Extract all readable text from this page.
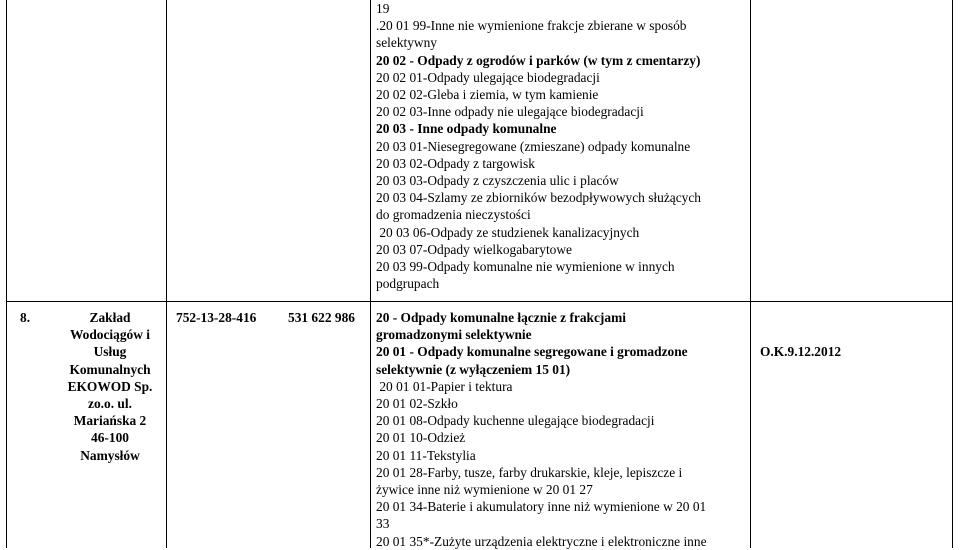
19
.20 01 99-Inne nie wymienione frakcje zbierane w sposób
selektywny
20 02 - Odpady z ogrodów i parków (w tym z cmentarzy)
20 02 01-Odpady ulegające biodegradacji
20 02 02-Gleba i ziemia, w tym kamienie
20 02 03-Inne odpady nie ulegające biodegradacji
20 03 - Inne odpady komunalne
20 03 01-Niesegregowane (zmieszane) odpady komunalne
20 03 02-Odpady z targowisk
20 03 03-Odpady z czyszczenia ulic i placów
20 03 04-Szlamy ze zbiorników bezodpływowych służących
do gromadzenia nieczystości
20 03 06-Odpady ze studzienek kanalizacyjnych
20 03 07-Odpady wielkogabarytowe
20 03 99-Odpady komunalne nie wymienione w innych
podgrupach
8.	Zakład
Wodociągów i
Usług
Komunalnych
EKOWOD Sp.
zo.o. ul.
Mariańska 2
46-100
Namysłów
752-13-28-416 531 622 986 20 - Odpady komunalne łącznie z frakcjami
gromadzonymi selektywnie
20 01 - Odpady komunalne segregowane i gromadzone
selektywnie (z wyłączeniem 15 01)
20 01 01-Papier i tektura
20 01 02-Szkło
20 01 08-Odpady kuchenne ulegające biodegradacji
20 01 10-Odzież
20 01 11-Tekstylia
20 01 28-Farby, tusze, farby drukarskie, kleje, lepiszcze i
żywice inne niż wymienione w 20 01 27
20 01 34-Baterie i akumulatory inne niż wymienione w 20 01
33
20 01 35*-Zużyte urządzenia elektryczne i elektroniczne inne
O.K.9.12.2012
